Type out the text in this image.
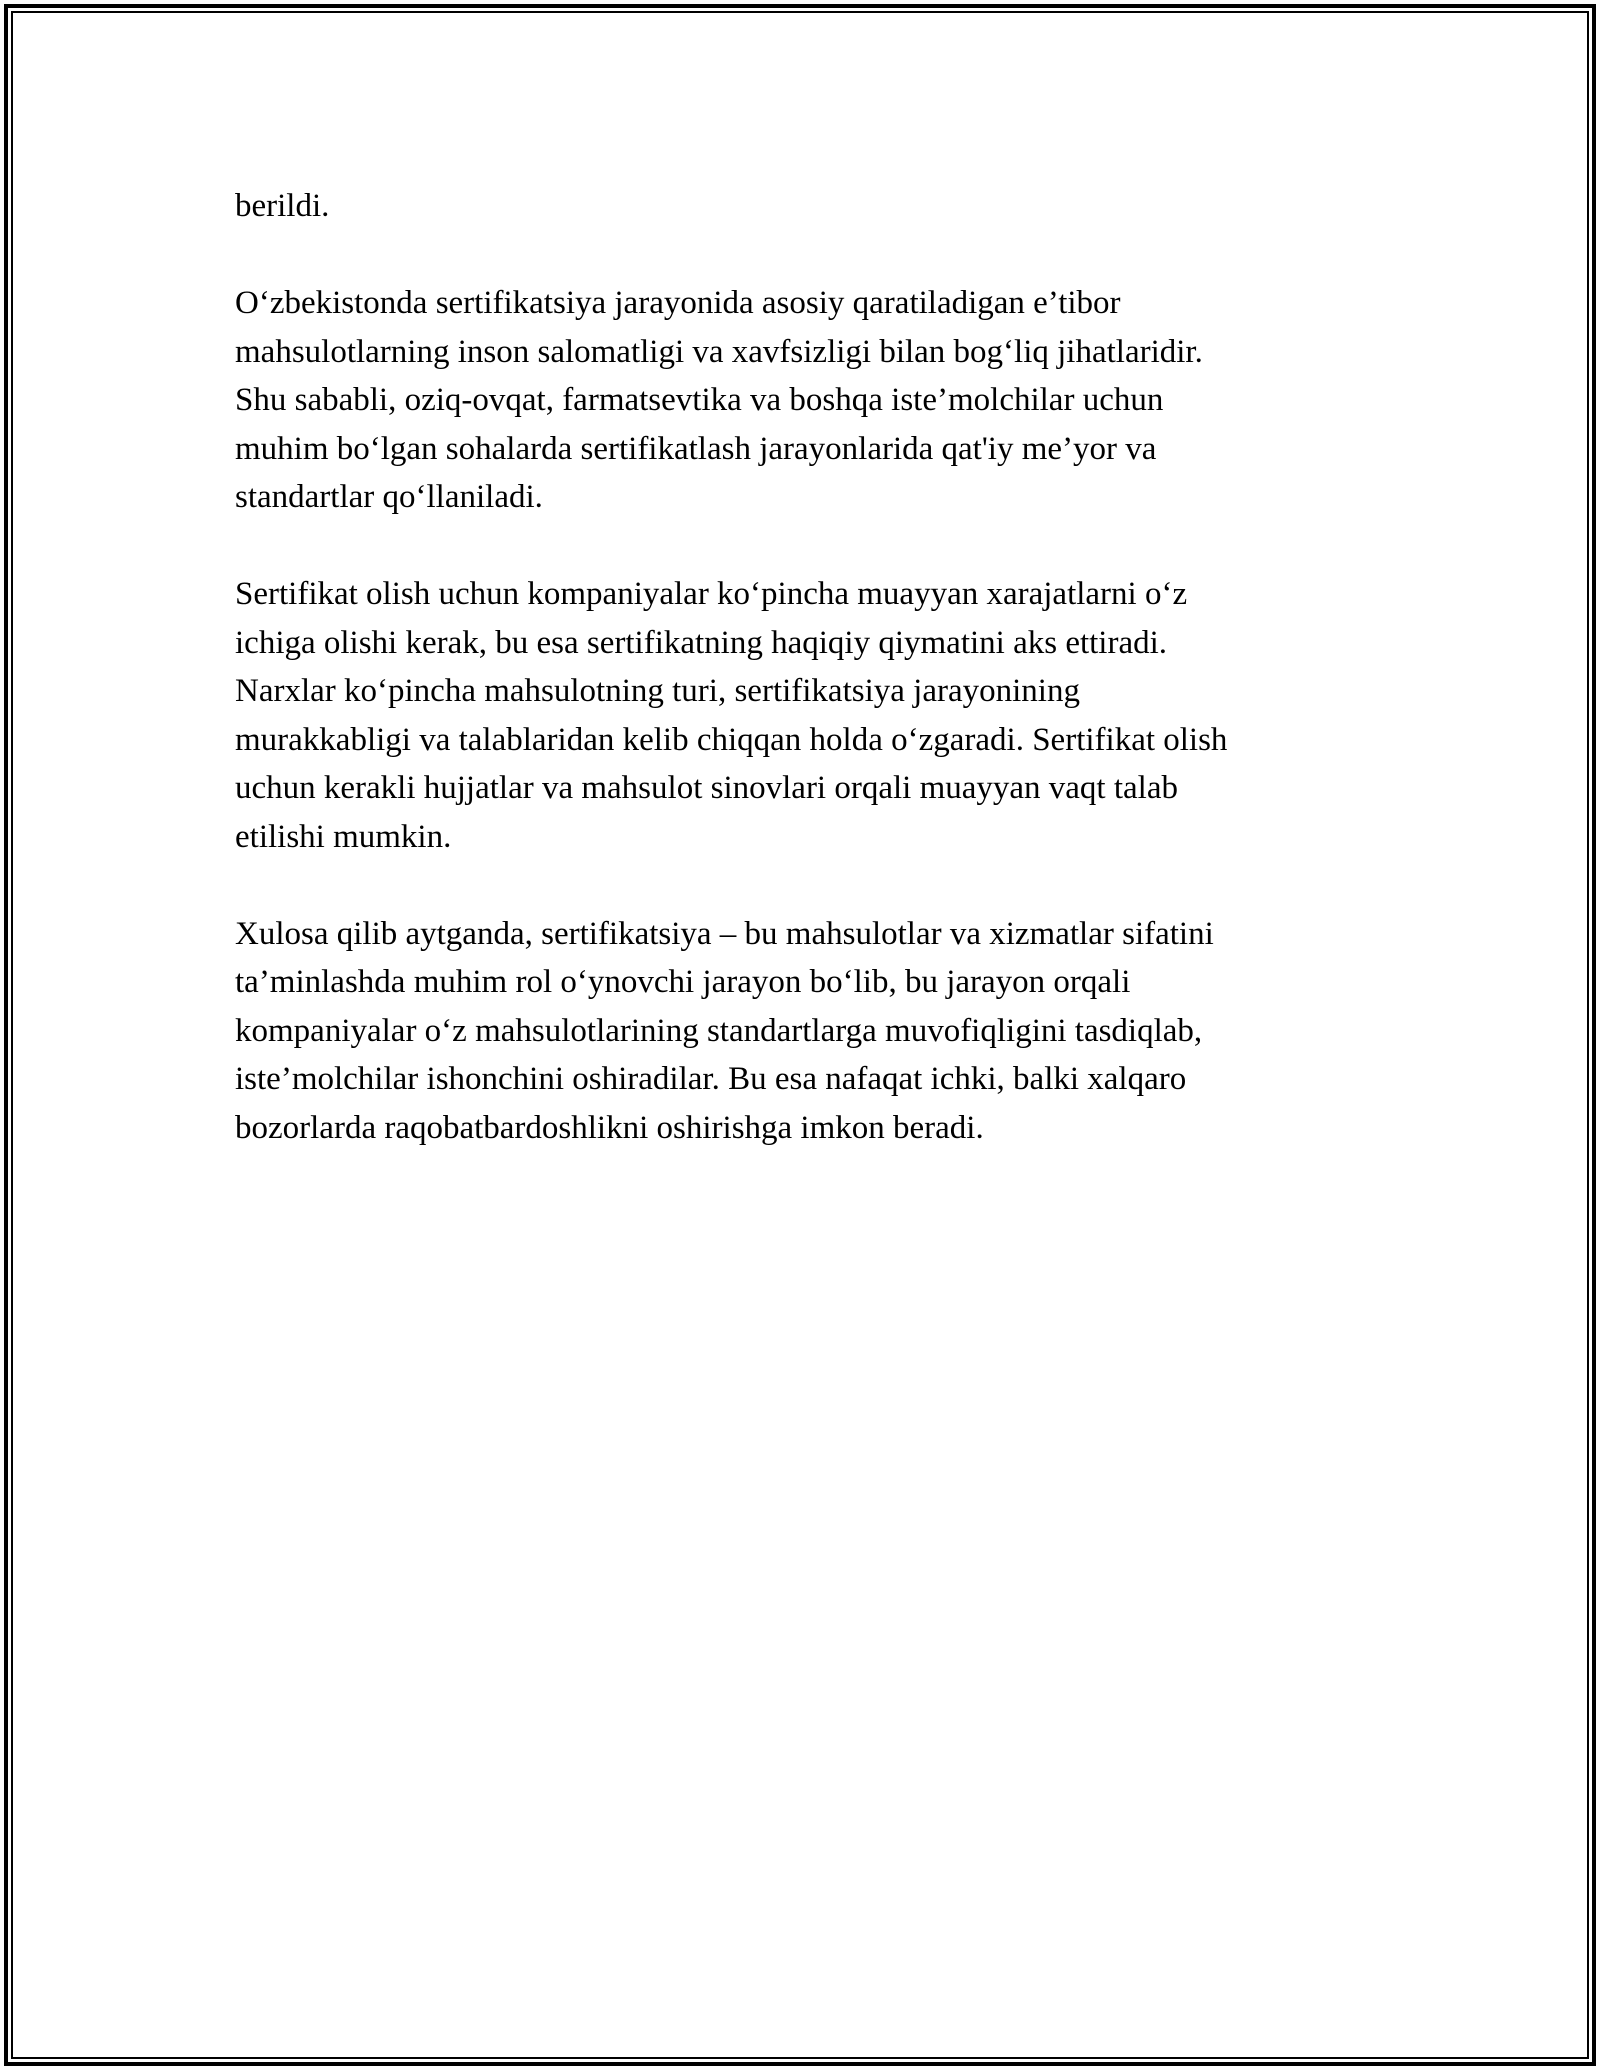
berildi.

O‘zbekistonda sertifikatsiya jarayonida asosiy qaratiladigan e’tibor
mahsulotlarning inson salomatligi va xavfsizligi bilan bog‘liq jihatlaridir.
Shu sababli, oziq-ovqat, farmatsevtika va boshqa iste’molchilar uchun
muhim bo‘lgan sohalarda sertifikatlash jarayonlarida qat'iy me’yor va
standartlar qo‘llaniladi.

Sertifikat olish uchun kompaniyalar ko‘pincha muayyan xarajatlarni o‘z
ichiga olishi kerak, bu esa sertifikatning haqiqiy qiymatini aks ettiradi.
Narxlar ko‘pincha mahsulotning turi, sertifikatsiya jarayonining
murakkabligi va talablaridan kelib chiqqan holda o‘zgaradi. Sertifikat olish
uchun kerakli hujjatlar va mahsulot sinovlari orqali muayyan vaqt talab
etilishi mumkin.

Xulosa qilib aytganda, sertifikatsiya – bu mahsulotlar va xizmatlar sifatini
ta’minlashda muhim rol o‘ynovchi jarayon bo‘lib, bu jarayon orqali
kompaniyalar o‘z mahsulotlarining standartlarga muvofiqligini tasdiqlab,
iste’molchilar ishonchini oshiradilar. Bu esa nafaqat ichki, balki xalqaro
bozorlarda raqobatbardoshlikni oshirishga imkon beradi.
